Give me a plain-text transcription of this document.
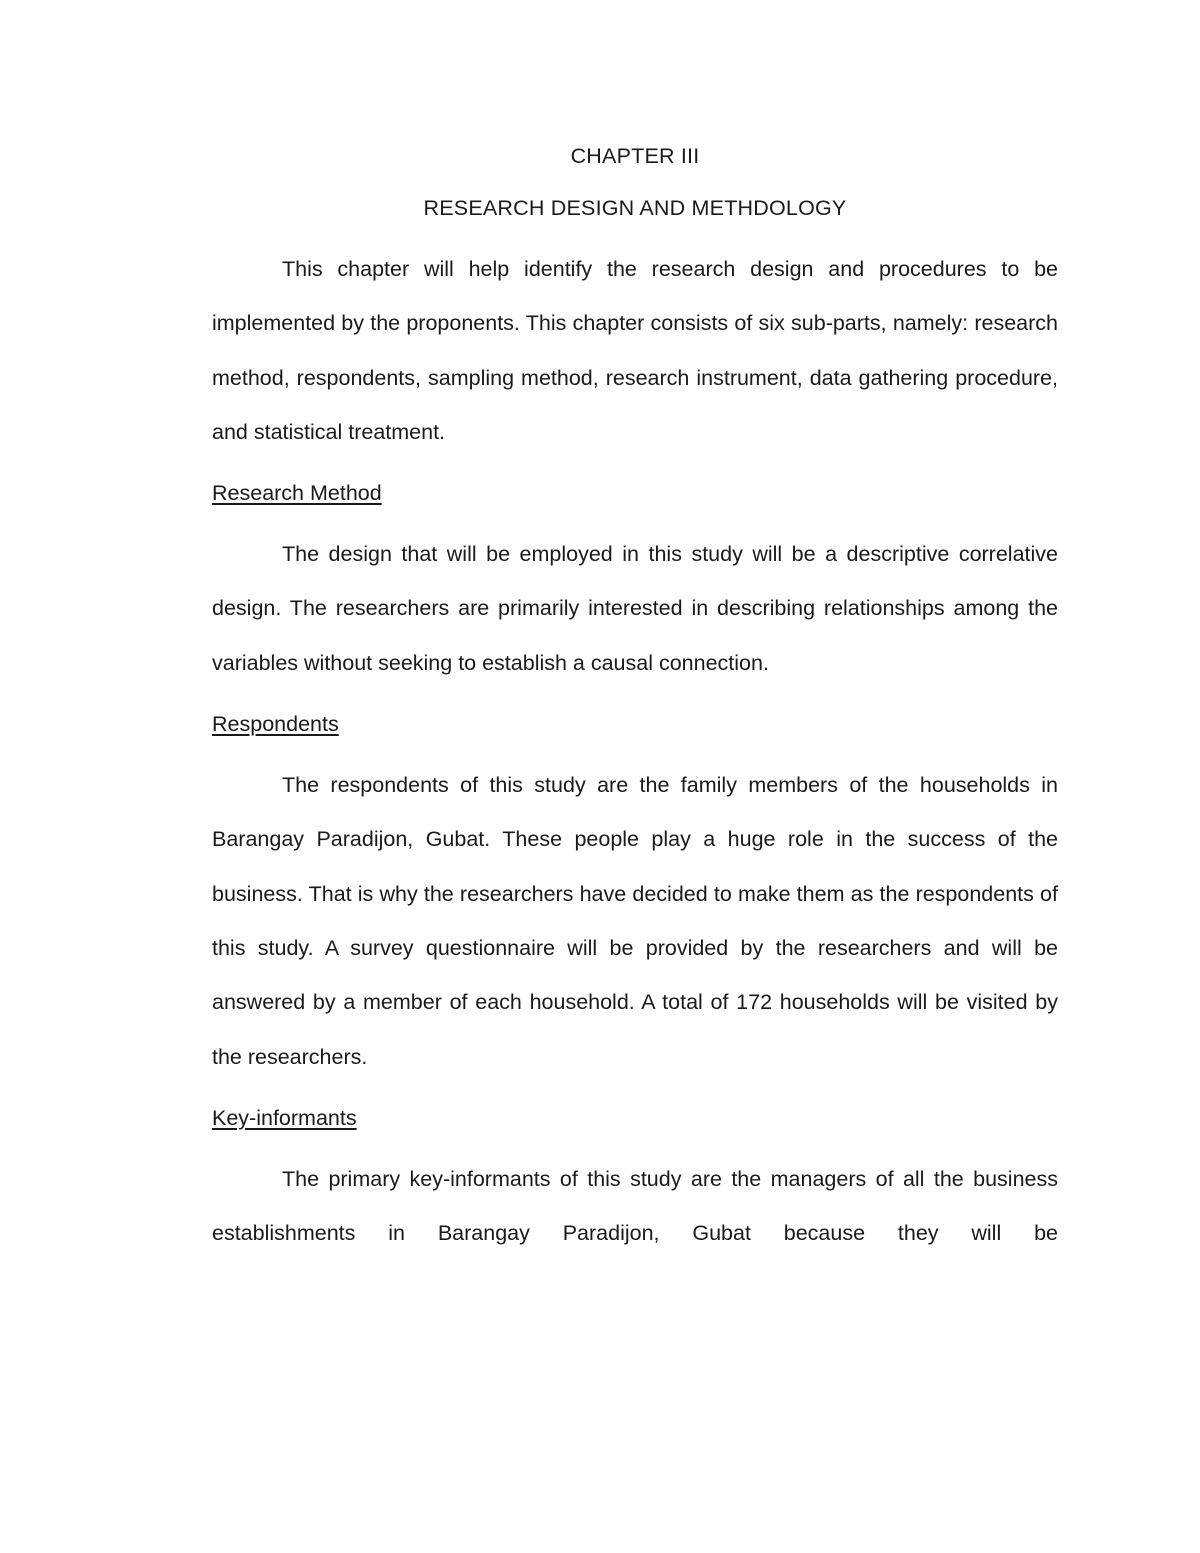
CHAPTER III

RESEARCH DESIGN AND METHDOLOGY

This chapter will help identify the research design and procedures to be implemented by the proponents. This chapter consists of six sub-parts, namely: research method, respondents, sampling method, research instrument, data gathering procedure, and statistical treatment.

Research Method

The design that will be employed in this study will be a descriptive correlative design. The researchers are primarily interested in describing relationships among the variables without seeking to establish a causal connection.

Respondents

The respondents of this study are the family members of the households in Barangay Paradijon, Gubat. These people play a huge role in the success of the business. That is why the researchers have decided to make them as the respondents of this study. A survey questionnaire will be provided by the researchers and will be answered by a member of each household. A total of 172 households will be visited by the researchers.

Key-informants

The primary key-informants of this study are the managers of all the business establishments in Barangay Paradijon, Gubat because they will be
